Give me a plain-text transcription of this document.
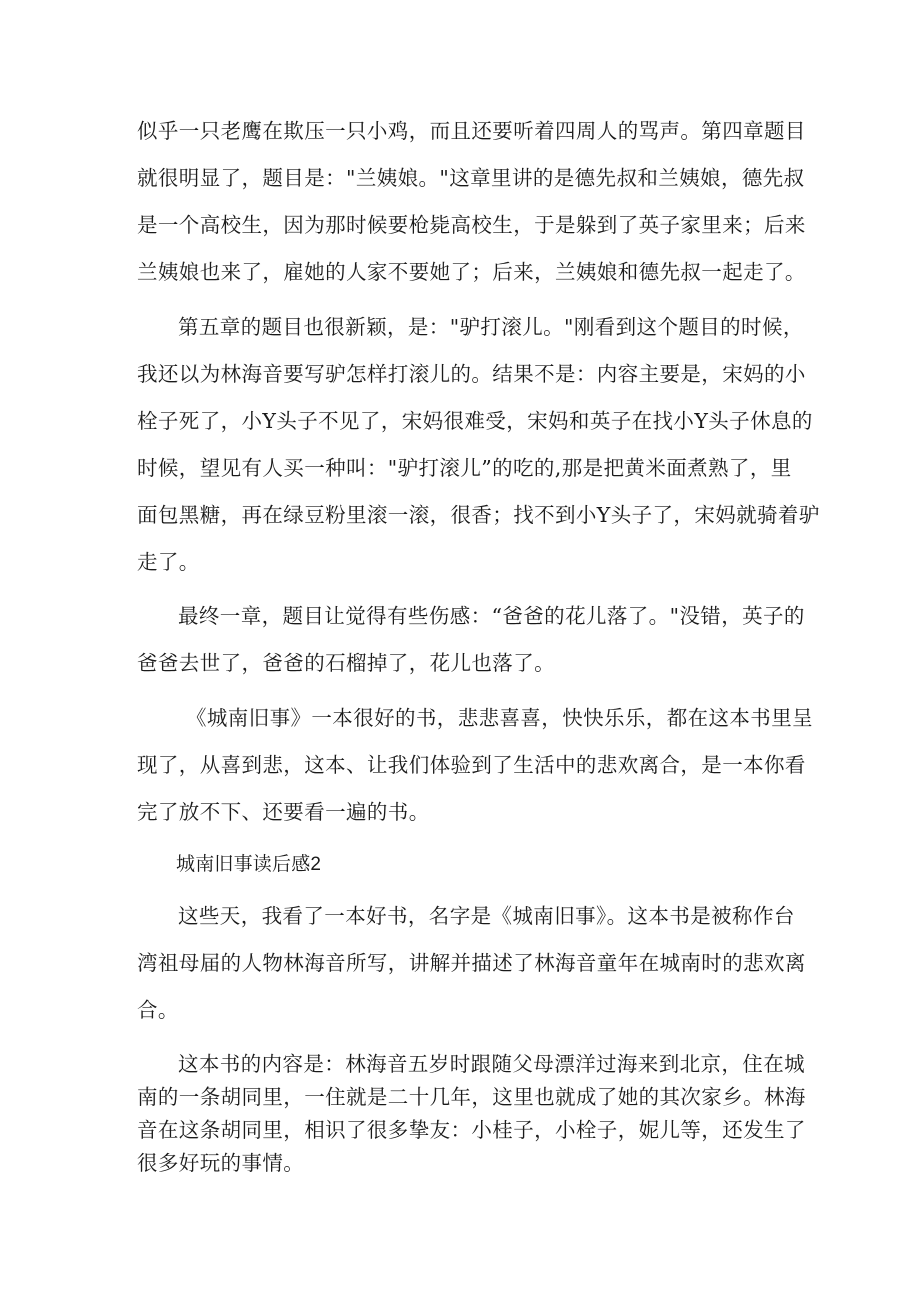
似乎一只老鹰在欺压一只小鸡，而且还要听着四周人的骂声。第四章题目
就很明显了，题目是："兰姨娘。"这章里讲的是德先叔和兰姨娘，德先叔
是一个高校生，因为那时候要枪毙高校生，于是躲到了英子家里来；后来
兰姨娘也来了，雇她的人家不要她了；后来，兰姨娘和德先叔一起走了。
第五章的题目也很新颖，是："驴打滚儿。"刚看到这个题目的时候，
我还以为林海音要写驴怎样打滚儿的。结果不是：内容主要是，宋妈的小
栓子死了，小Y头子不见了，宋妈很难受，宋妈和英子在找小Y头子休息的
时候，望见有人买一种叫："驴打滚儿”的吃的,那是把黄米面煮熟了，里
面包黑糖，再在绿豆粉里滚一滚，很香；找不到小Y头子了，宋妈就骑着驴
走了。
最终一章，题目让觉得有些伤感：“爸爸的花儿落了。"没错，英子的
爸爸去世了，爸爸的石榴掉了，花儿也落了。
《城南旧事》一本很好的书，悲悲喜喜，快快乐乐，都在这本书里呈
现了，从喜到悲，这本、让我们体验到了生活中的悲欢离合，是一本你看
完了放不下、还要看一遍的书。
城南旧事读后感2
这些天，我看了一本好书，名字是《城南旧事》。这本书是被称作台
湾祖母届的人物林海音所写，讲解并描述了林海音童年在城南时的悲欢离
合。
这本书的内容是：林海音五岁时跟随父母漂洋过海来到北京，住在城
南的一条胡同里，一住就是二十几年，这里也就成了她的其次家乡。林海
音在这条胡同里，相识了很多挚友：小桂子，小栓子，妮儿等，还发生了
很多好玩的事情。
